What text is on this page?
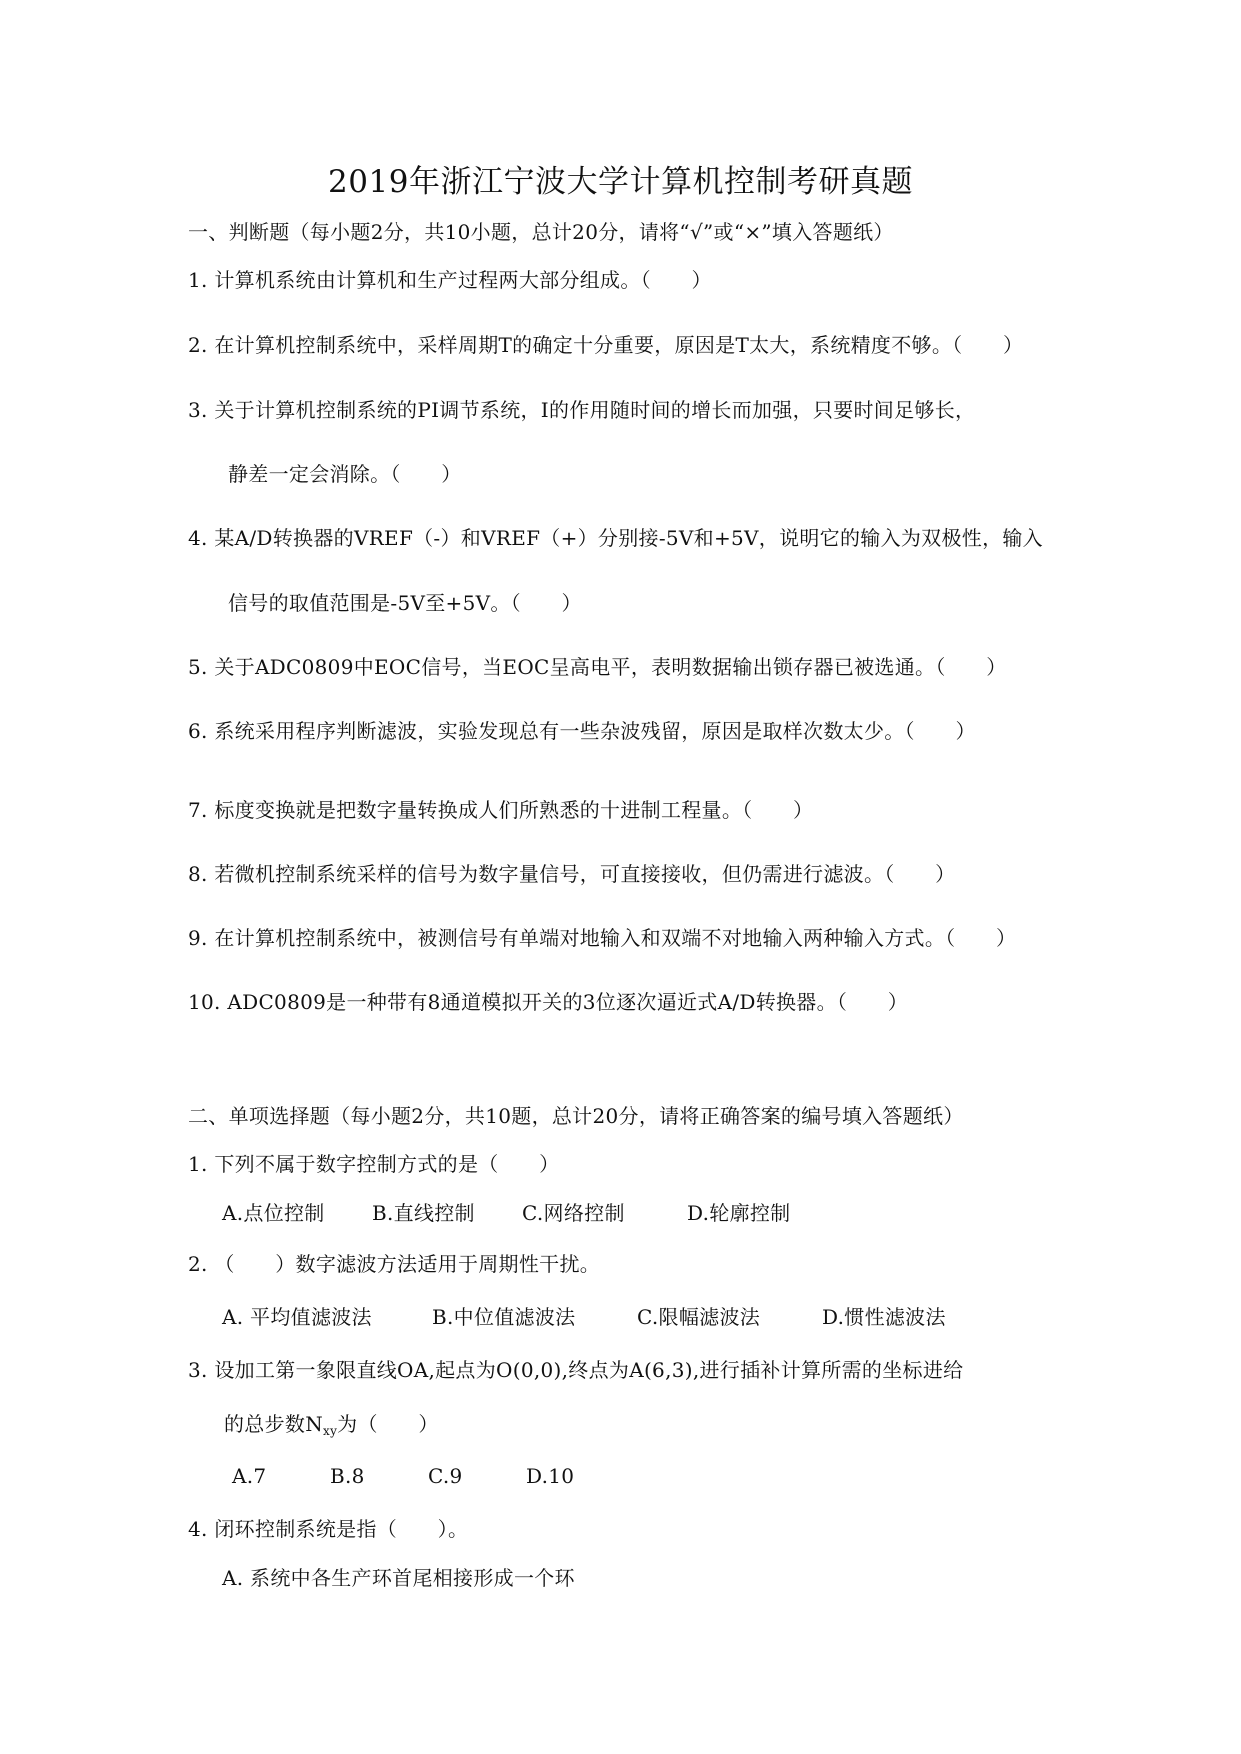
2019年浙江宁波大学计算机控制考研真题
一、判断题（每小题2分，共10小题，总计20分，请将“√”或“×”填入答题纸）
1. 计算机系统由计算机和生产过程两大部分组成。（　　）
2. 在计算机控制系统中，采样周期T的确定十分重要，原因是T太大，系统精度不够。（　　）
3. 关于计算机控制系统的PI调节系统，I的作用随时间的增长而加强，只要时间足够长，
静差一定会消除。（　　）
4. 某A/D转换器的VREF（-）和VREF（+）分别接-5V和+5V，说明它的输入为双极性，输入
信号的取值范围是-5V至+5V。（　　）
5. 关于ADC0809中EOC信号，当EOC呈高电平，表明数据输出锁存器已被选通。（　　）
6. 系统采用程序判断滤波，实验发现总有一些杂波残留，原因是取样次数太少。（　　）
7. 标度变换就是把数字量转换成人们所熟悉的十进制工程量。（　　）
8. 若微机控制系统采样的信号为数字量信号，可直接接收，但仍需进行滤波。（　　）
9. 在计算机控制系统中，被测信号有单端对地输入和双端不对地输入两种输入方式。（　　）
10. ADC0809是一种带有8通道模拟开关的3位逐次逼近式A/D转换器。（　　）
二、单项选择题（每小题2分，共10题，总计20分，请将正确答案的编号填入答题纸）
1. 下列不属于数字控制方式的是（　　）
A.点位控制 B.直线控制 C.网络控制	D.轮廓控制
2. （　　）数字滤波方法适用于周期性干扰。
A. 平均值滤波法	B.中位值滤波法	C.限幅滤波法	D.惯性滤波法
3. 设加工第一象限直线OA,起点为O(0,0),终点为A(6,3),进行插补计算所需的坐标进给
的总步数$N_{xy}$为（　　）
A.7	B.8	C.9	D.10
4. 闭环控制系统是指（　　）。
A. 系统中各生产环首尾相接形成一个环
